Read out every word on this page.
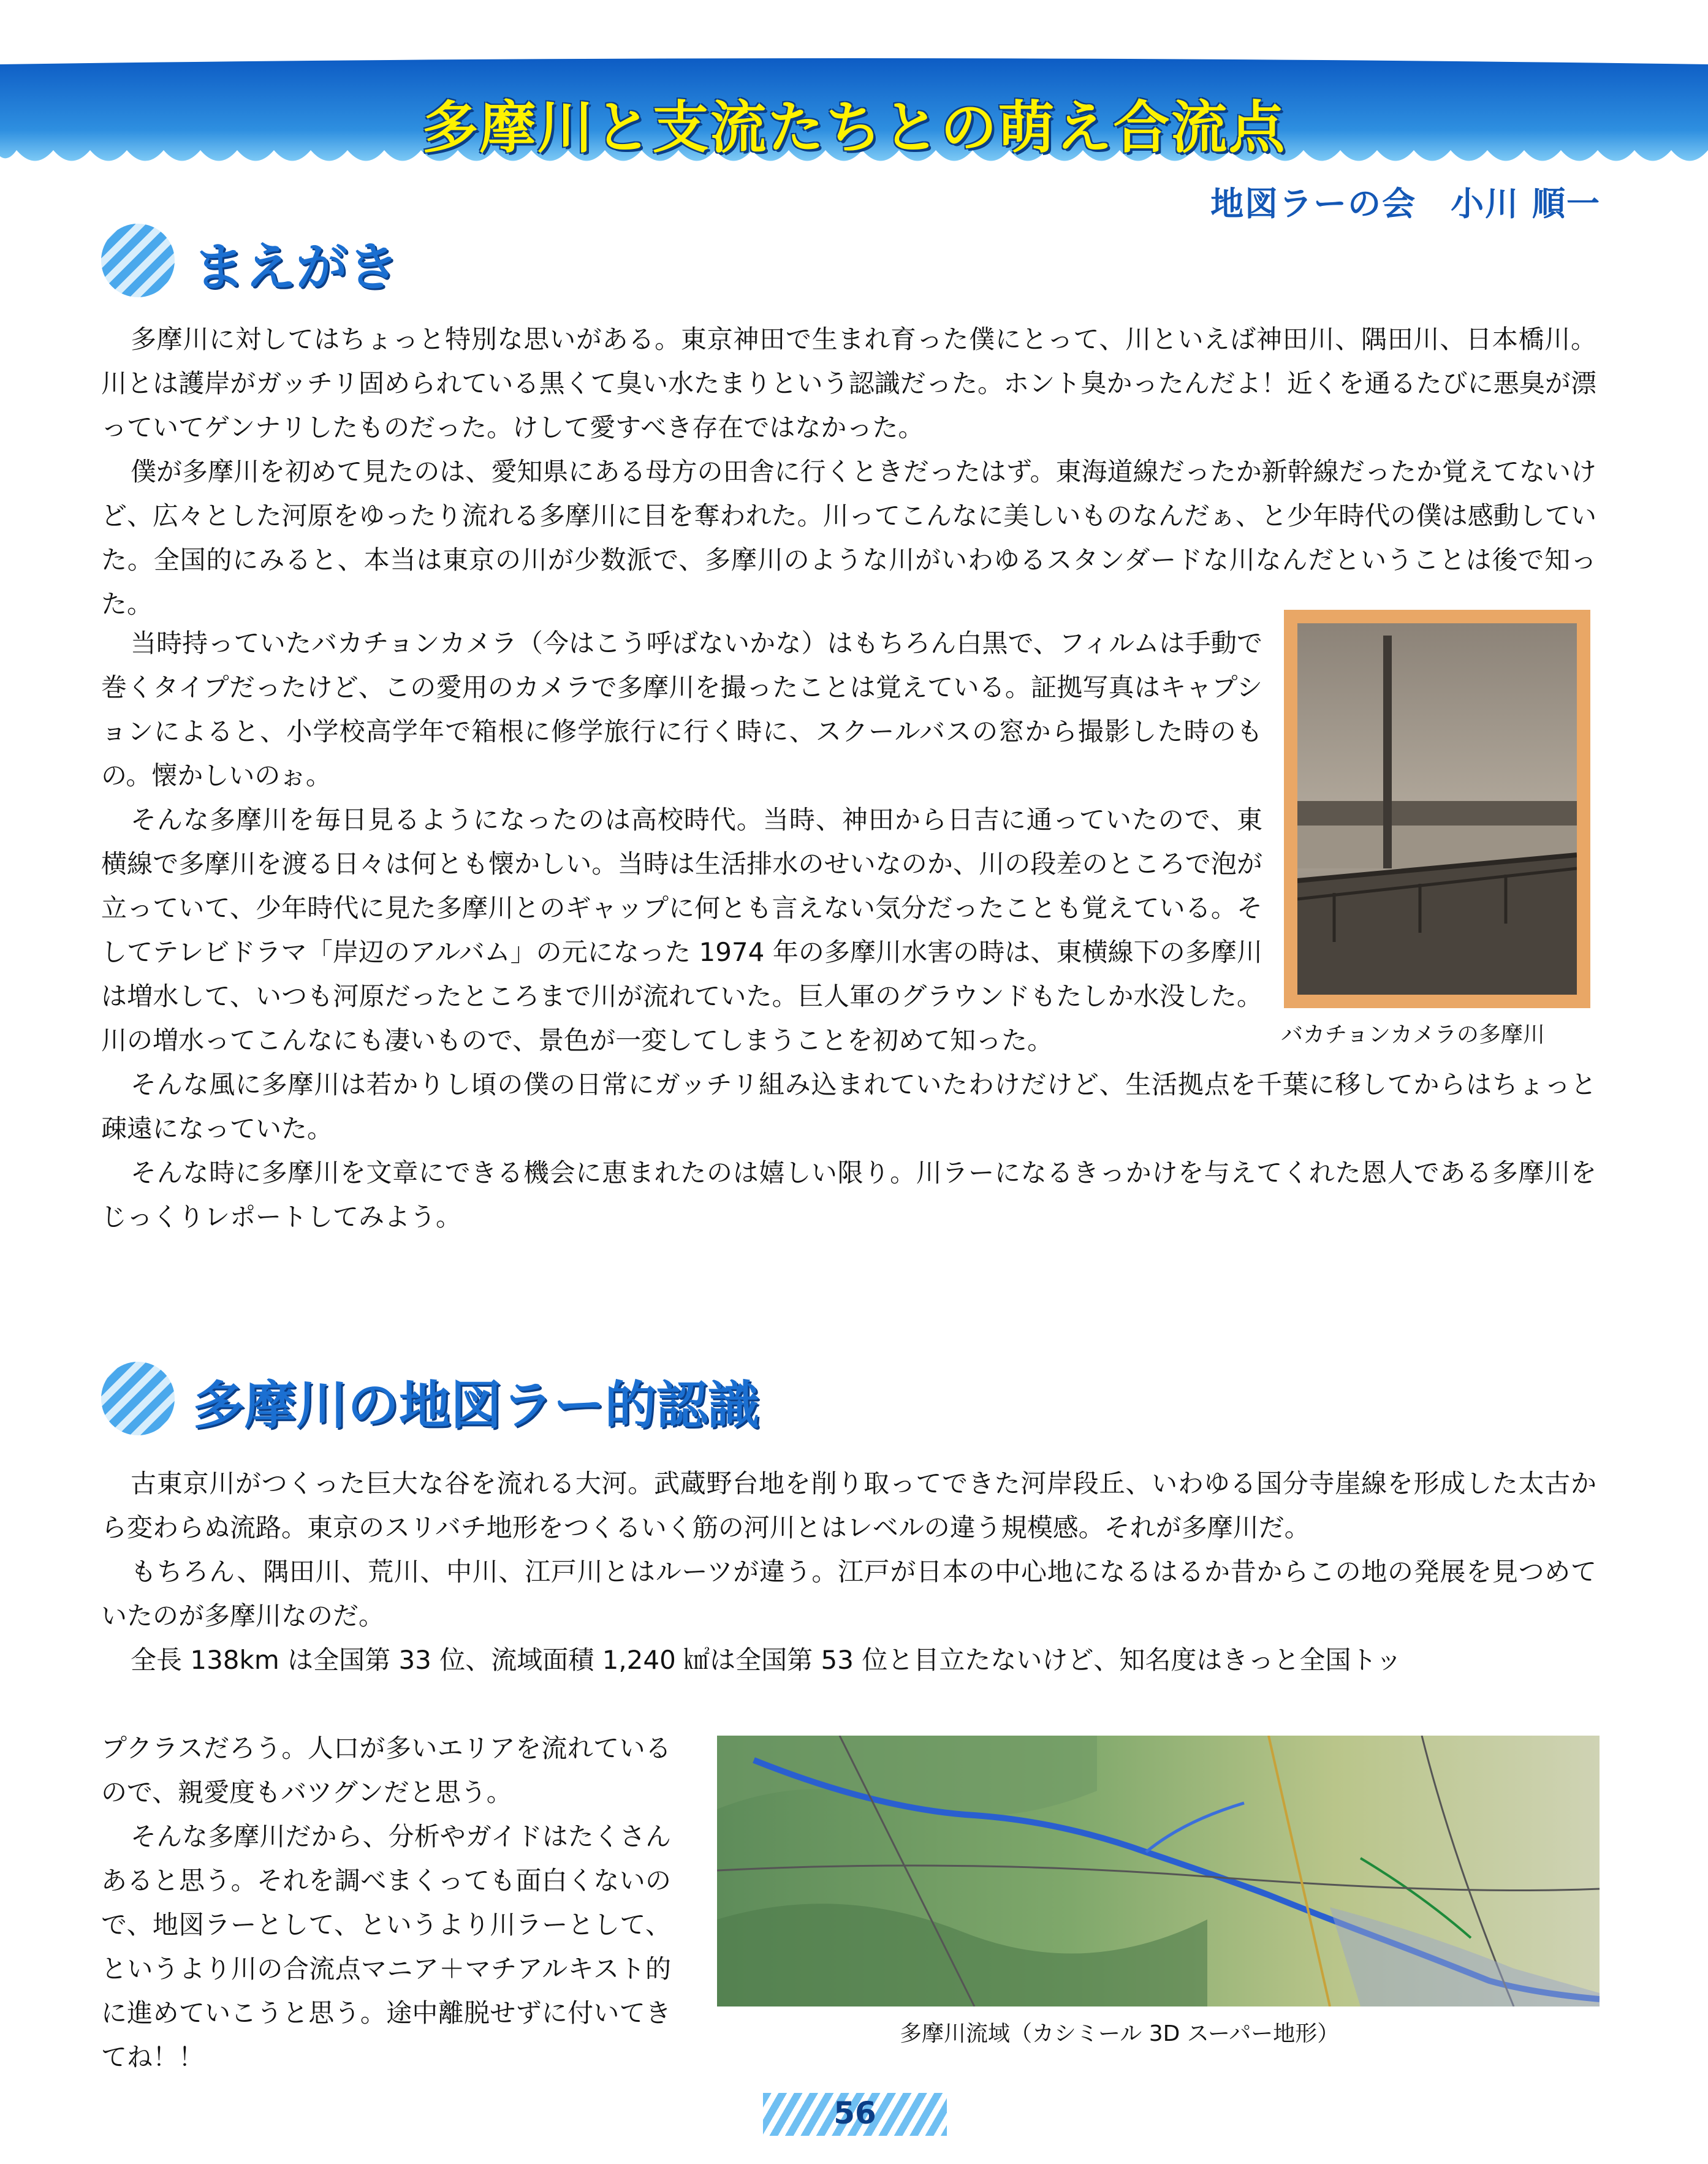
多摩川と支流たちとの萌え合流点
地図ラーの会　小川 順一
まえがき

多摩川に対してはちょっと特別な思いがある。東京神田で生まれ育った僕にとって、川といえば神田川、隅田川、日本橋川。川とは護岸がガッチリ固められている黒くて臭い水たまりという認識だった。ホント臭かったんだよ！近くを通るたびに悪臭が漂っていてゲンナリしたものだった。けして愛すべき存在ではなかった。

僕が多摩川を初めて見たのは、愛知県にある母方の田舎に行くときだったはず。東海道線だったか新幹線だったか覚えてないけど、広々とした河原をゆったり流れる多摩川に目を奪われた。川ってこんなに美しいものなんだぁ、と少年時代の僕は感動していた。全国的にみると、本当は東京の川が少数派で、多摩川のような川がいわゆるスタンダードな川なんだということは後で知った。

当時持っていたバカチョンカメラ（今はこう呼ばないかな）はもちろん白黒で、フィルムは手動で巻くタイプだったけど、この愛用のカメラで多摩川を撮ったことは覚えている。証拠写真はキャプションによると、小学校高学年で箱根に修学旅行に行く時に、スクールバスの窓から撮影した時のもの。懐かしいのぉ。

そんな多摩川を毎日見るようになったのは高校時代。当時、神田から日吉に通っていたので、東横線で多摩川を渡る日々は何とも懐かしい。当時は生活排水のせいなのか、川の段差のところで泡が立っていて、少年時代に見た多摩川とのギャップに何とも言えない気分だったことも覚えている。そしてテレビドラマ「岸辺のアルバム」の元になった 1974 年の多摩川水害の時は、東横線下の多摩川は増水して、いつも河原だったところまで川が流れていた。巨人軍のグラウンドもたしか水没した。川の増水ってこんなにも凄いもので、景色が一変してしまうことを初めて知った。	バカチョンカメラの多摩川

そんな風に多摩川は若かりし頃の僕の日常にガッチリ組み込まれていたわけだけど、生活拠点を千葉に移してからはちょっと疎遠になっていた。

そんな時に多摩川を文章にできる機会に恵まれたのは嬉しい限り。川ラーになるきっかけを与えてくれた恩人である多摩川をじっくりレポートしてみよう。

多摩川の地図ラー的認識

古東京川がつくった巨大な谷を流れる大河。武蔵野台地を削り取ってできた河岸段丘、いわゆる国分寺崖線を形成した太古から変わらぬ流路。東京のスリバチ地形をつくるいく筋の河川とはレベルの違う規模感。それが多摩川だ。

もちろん、隅田川、荒川、中川、江戸川とはルーツが違う。江戸が日本の中心地になるはるか昔からこの地の発展を見つめていたのが多摩川なのだ。

全長 138km は全国第 33 位、流域面積 1,240 ㎢は全国第 53 位と目立たないけど、知名度はきっと全国トッ

プクラスだろう。人口が多いエリアを流れているので、親愛度もバツグンだと思う。

そんな多摩川だから、分析やガイドはたくさんあると思う。それを調べまくっても面白くないので、地図ラーとして、というより川ラーとして、というより川の合流点マニア＋マチアルキスト的に進めていこうと思う。途中離脱せずに付いてきてね！！

多摩川流域（カシミール 3D スーパー地形）
56
